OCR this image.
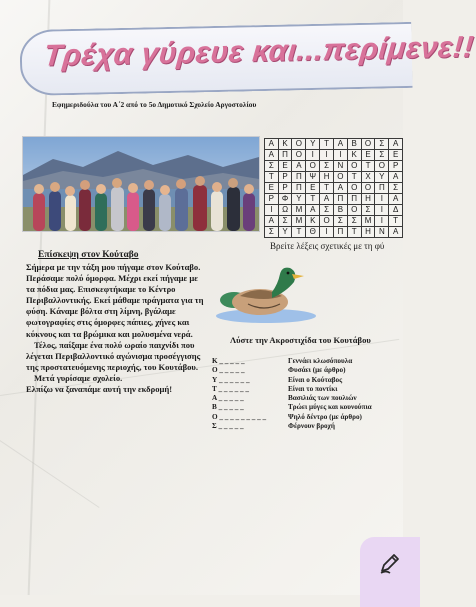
Τρέχα γύρευε και...περίμενε!!
Εφημεριδούλα του Α΄2 από το 5ο Δημοτικό Σχολείο Αργοστολίου
Α	Κ	Ο	Υ	Τ	Α	Β	Ο	Σ	Α
Α	Π	Ο	Ι	Ι	Ι	Κ	Ε	Σ	Ε
Σ	Ε	Α	Ο	Σ	Ν	Ο	Τ	Ο	Ρ
Τ	Ρ	Π	Ψ	Η	Ο	Τ	Χ	Υ	Α
Ε	Ρ	Π	Ε	Τ	Α	Ο	Ο	Π	Σ
Ρ	Φ	Υ	Τ	Α	Π	Π	Η	Ι	Α
Ι	Ω	Μ	Α	Σ	Β	Ο	Σ	Ι	Δ
Α	Σ	Μ	Κ	Ο	Σ	Σ	Μ	Ι	Τ
Σ	Υ	Τ	Θ	Ι	Π	Τ	Η	Ν	Α
Βρείτε λέξεις σχετικές με τη φύ
Επίσκεψη στον Κούταβο

Σήμερα με την τάξη μου πήγαμε στον Κούταβο. Περάσαμε πολύ όμορφα. Μέχρι εκεί πήγαμε με τα πόδια μας. Επισκεφτήκαμε το Κέντρο Περιβαλλοντικής. Εκεί μάθαμε πράγματα για τη φύση. Κάναμε βόλτα στη λίμνη, βγάλαμε φωτογραφίες στις όμορφες πάπιες, χήνες και κύκνους και τα βρώμικα και μολυσμένα νερά.

Τέλος, παίξαμε ένα πολύ ωραίο παιχνίδι που λέγεται Περιβαλλοντικό αγώνισμα προσέγγισης της προστατευόμενης περιοχής, του Κουτάβου.

Μετά γυρίσαμε σχολείο.

Ελπίζω να ξαναπάμε αυτή την εκδρομή!

Λύστε την Ακροστιχίδα του Κουτάβου
Κ _ _ _ _ _	Γεννάει κλωσόπουλα
Ο _ _ _ _ _	Φυσάει (με άρθρο)
Υ _ _ _ _ _ _	Είναι ο Κούταβος
Τ _ _ _ _ _ _	Είναι το ποντίκι
Α _ _ _ _ _	Βασιλιάς των πουλιών
Β _ _ _ _ _	Τρώει μύγες και κουνούπια
Ο _ _ _ _ _ _ _ _ _	Ψηλό δέντρο (με άρθρο)
Σ _ _ _ _ _	Φέρνουν βροχή
